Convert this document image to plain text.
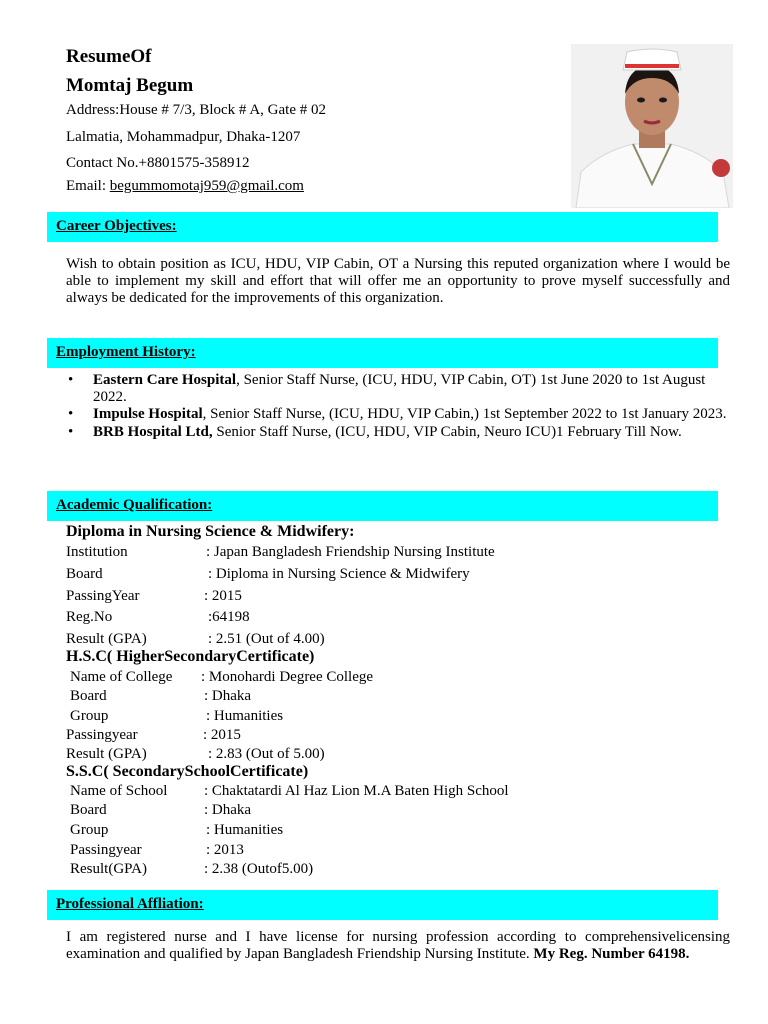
ResumeOf
Momtaj Begum
Address:House # 7/3, Block # A, Gate # 02
Lalmatia, Mohammadpur, Dhaka-1207
Contact No.+8801575-358912
Email: begummomotaj959@gmail.com
Career Objectives:
Wish to obtain position as ICU, HDU, VIP Cabin, OT a Nursing this reputed organization where I would be able to implement my skill and effort that will offer me an opportunity to prove myself successfully and always be dedicated for the improvements of this organization.
Employment History:
• Eastern Care Hospital, Senior Staff Nurse, (ICU, HDU, VIP Cabin, OT) 1st June 2020 to 1st August 2022.
• Impulse Hospital, Senior Staff Nurse, (ICU, HDU, VIP Cabin,) 1st September 2022 to 1st January 2023.
• BRB Hospital Ltd, Senior Staff Nurse, (ICU, HDU, VIP Cabin, Neuro ICU)1 February Till Now.
Academic Qualification:
Diploma in Nursing Science & Midwifery:
Institution	: Japan Bangladesh Friendship Nursing Institute
Board	: Diploma in Nursing Science & Midwifery
PassingYear	: 2015
Reg.No	:64198
Result (GPA)	: 2.51 (Out of 4.00)
H.S.C( HigherSecondaryCertificate)
Name of College : Monohardi Degree College
Board	: Dhaka
Group	: Humanities
Passingyear	: 2015
Result (GPA)	: 2.83 (Out of 5.00)
S.S.C( SecondarySchoolCertificate)
Name of School : Chaktatardi Al Haz Lion M.A Baten High School
Board	: Dhaka
Group	: Humanities
Passingyear	: 2013
Result(GPA)	: 2.38 (Outof5.00)
Professional Affliation:
I am registered nurse and I have license for nursing profession according to comprehensivelicensing examination and qualified by Japan Bangladesh Friendship Nursing Institute. My Reg. Number 64198.
